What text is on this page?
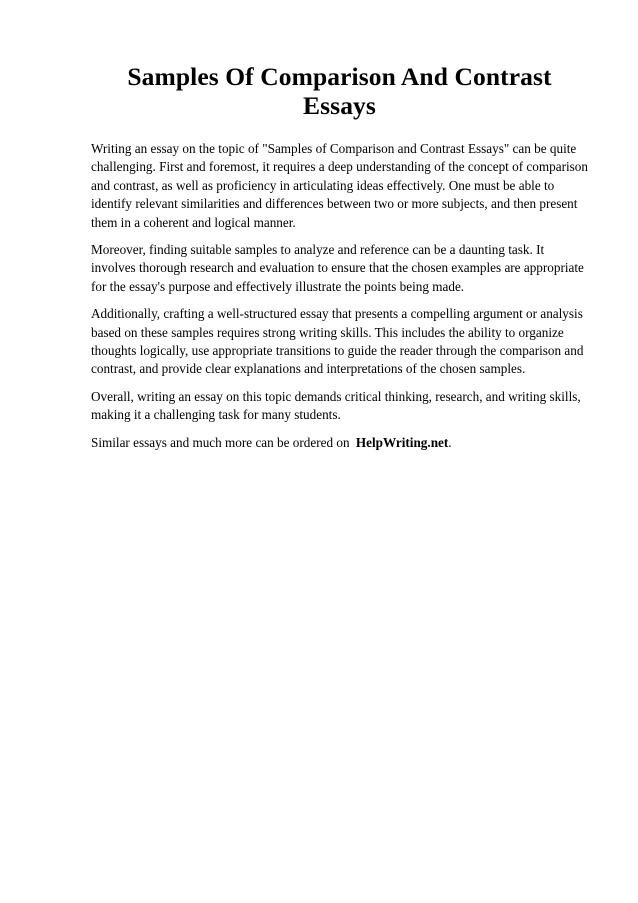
Samples Of Comparison And Contrast Essays

Writing an essay on the topic of "Samples of Comparison and Contrast Essays" can be quite challenging. First and foremost, it requires a deep understanding of the concept of comparison and contrast, as well as proficiency in articulating ideas effectively. One must be able to identify relevant similarities and differences between two or more subjects, and then present them in a coherent and logical manner.

Moreover, finding suitable samples to analyze and reference can be a daunting task. It involves thorough research and evaluation to ensure that the chosen examples are appropriate for the essay's purpose and effectively illustrate the points being made.

Additionally, crafting a well-structured essay that presents a compelling argument or analysis based on these samples requires strong writing skills. This includes the ability to organize thoughts logically, use appropriate transitions to guide the reader through the comparison and contrast, and provide clear explanations and interpretations of the chosen samples.

Overall, writing an essay on this topic demands critical thinking, research, and writing skills, making it a challenging task for many students.

Similar essays and much more can be ordered on HelpWriting.net.
